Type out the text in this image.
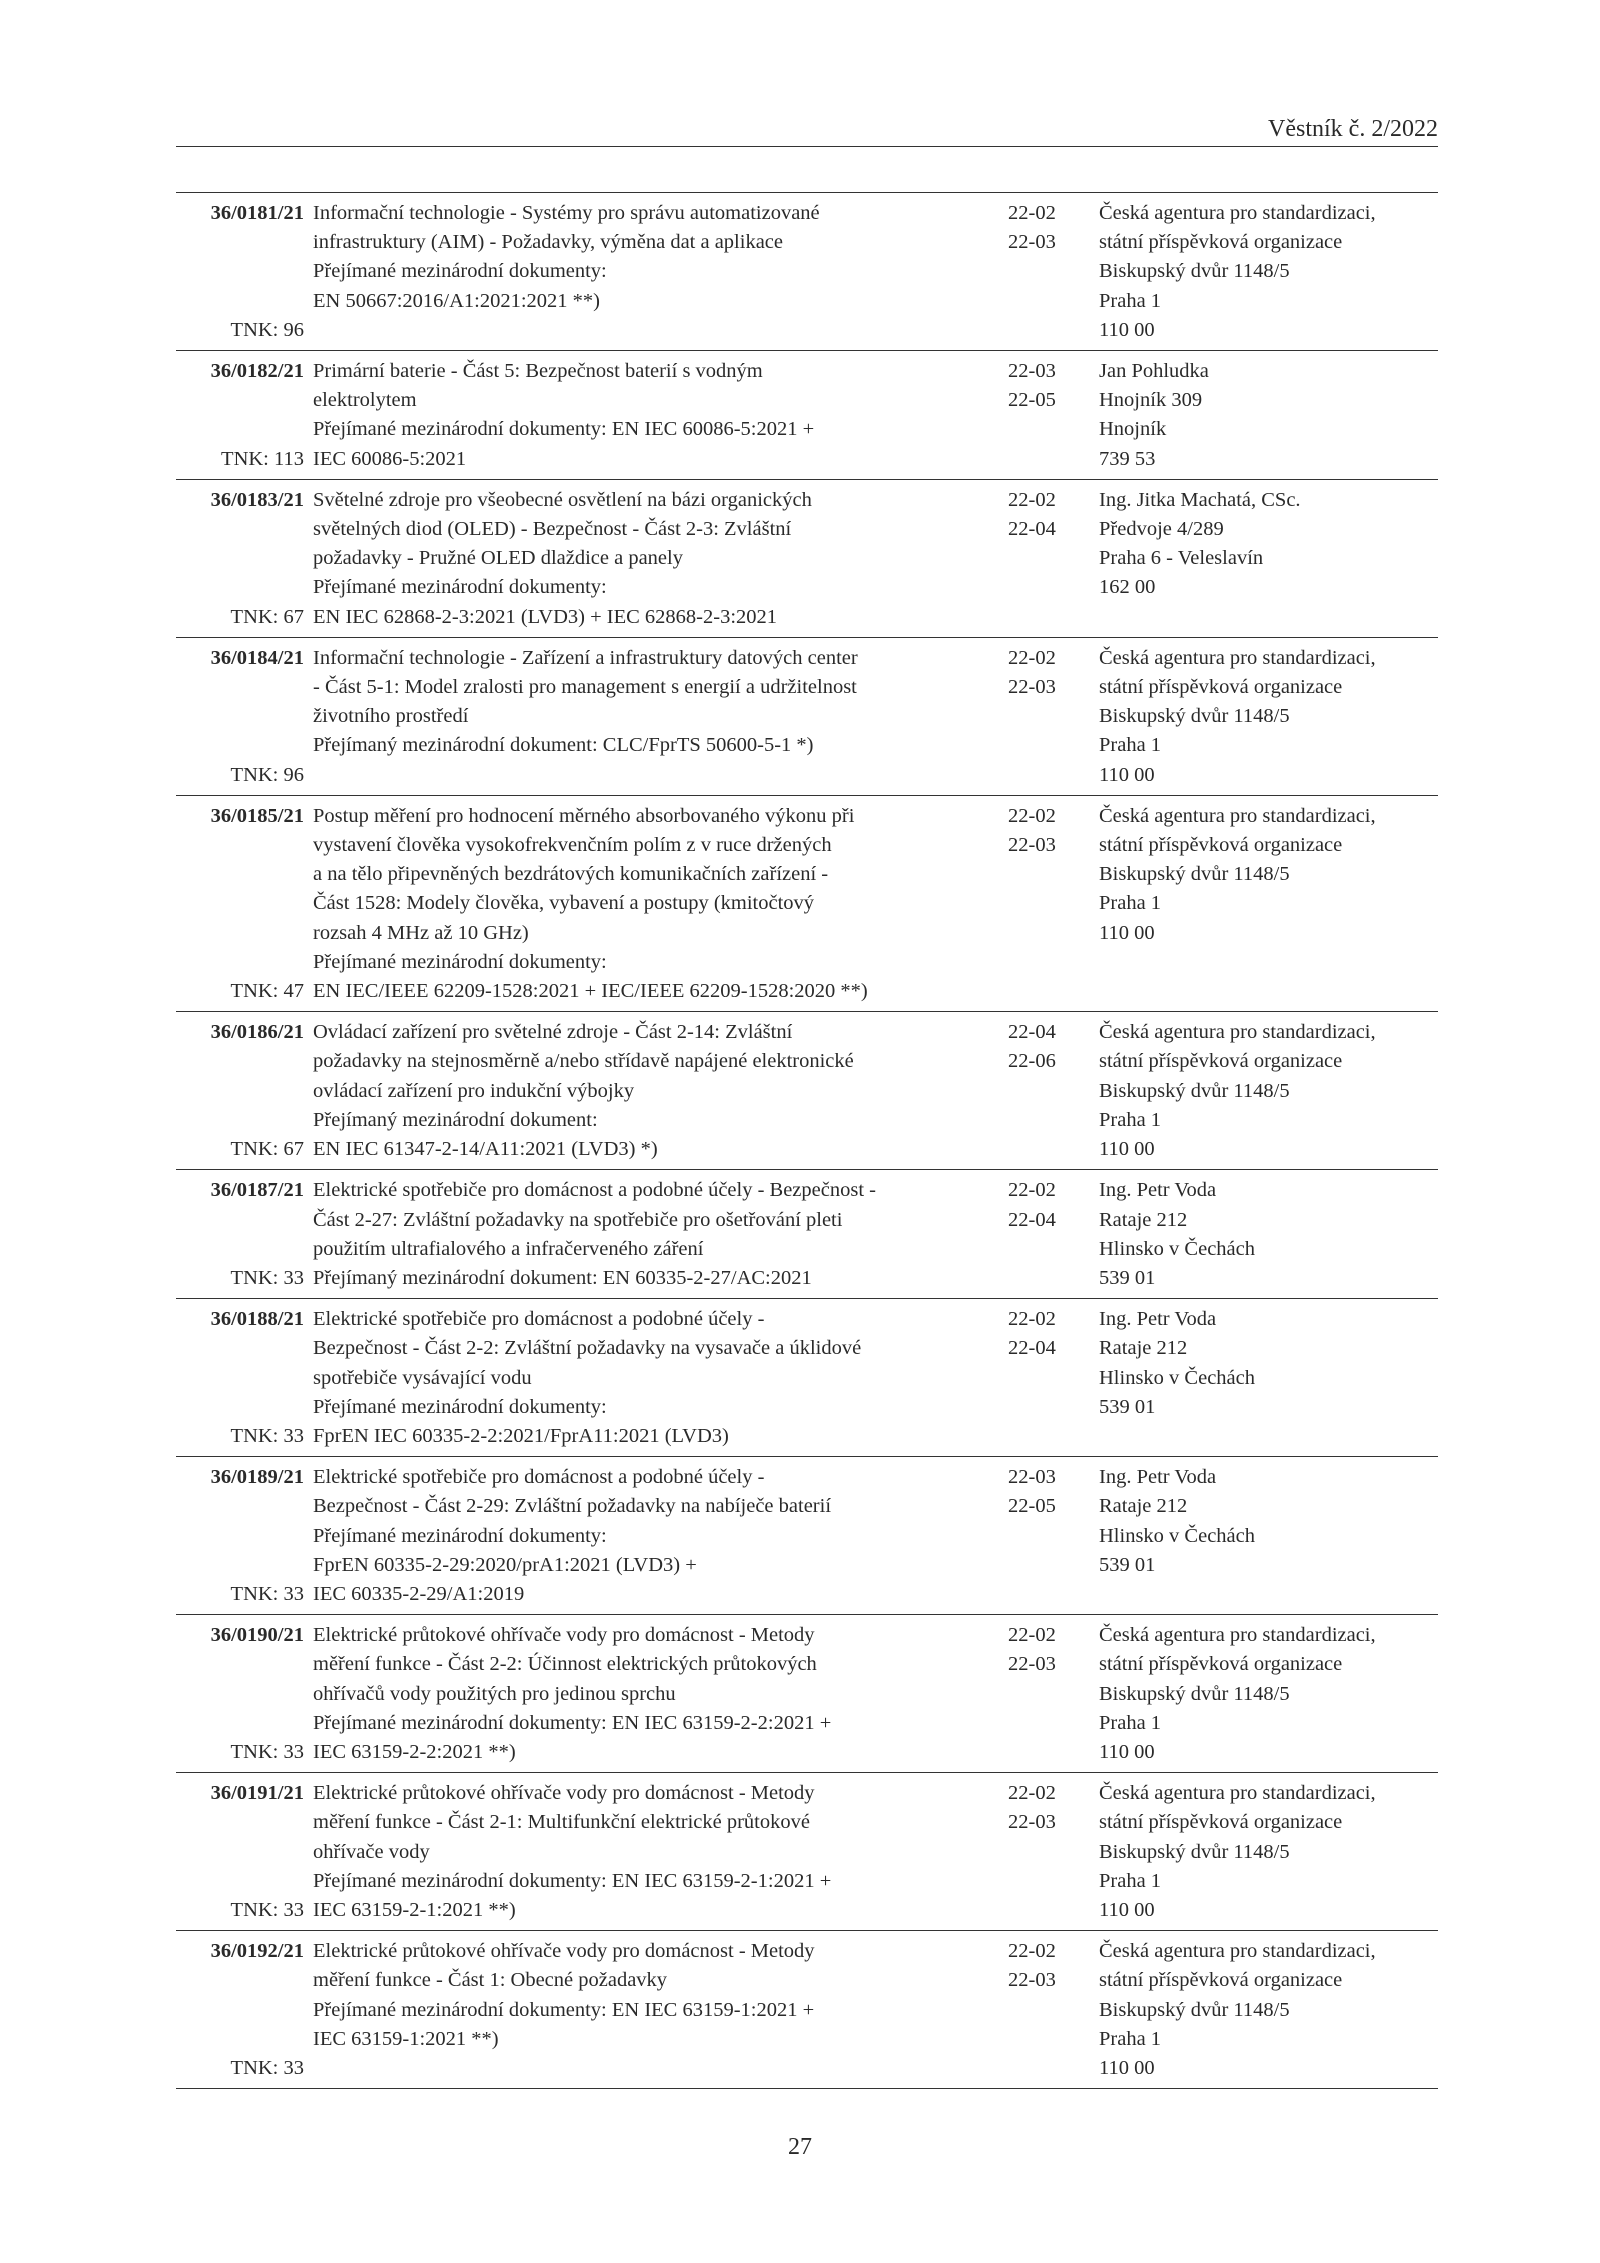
Věstník č. 2/2022
36/0181/21
TNK: 96
Informační technologie - Systémy pro správu automatizované
infrastruktury (AIM) - Požadavky, výměna dat a aplikace
Přejímané mezinárodní dokumenty:
EN 50667:2016/A1:2021:2021 **)
22-02
22-03
Česká agentura pro standardizaci,
státní příspěvková organizace
Biskupský dvůr 1148/5
Praha 1
110 00
36/0182/21
TNK: 113
Primární baterie - Část 5: Bezpečnost baterií s vodným
elektrolytem
Přejímané mezinárodní dokumenty: EN IEC 60086-5:2021 +
IEC 60086-5:2021
22-03
22-05
Jan Pohludka
Hnojník 309
Hnojník
739 53
36/0183/21
TNK: 67
Světelné zdroje pro všeobecné osvětlení na bázi organických
světelných diod (OLED) - Bezpečnost - Část 2-3: Zvláštní
požadavky - Pružné OLED dlaždice a panely
Přejímané mezinárodní dokumenty:
EN IEC 62868-2-3:2021 (LVD3) + IEC 62868-2-3:2021
22-02
22-04
Ing. Jitka Machatá, CSc.
Předvoje 4/289
Praha 6 - Veleslavín
162 00
36/0184/21
TNK: 96
Informační technologie - Zařízení a infrastruktury datových center
- Část 5-1: Model zralosti pro management s energií a udržitelnost
životního prostředí
Přejímaný mezinárodní dokument: CLC/FprTS 50600-5-1 *)
22-02
22-03
Česká agentura pro standardizaci,
státní příspěvková organizace
Biskupský dvůr 1148/5
Praha 1
110 00
36/0185/21
TNK: 47
Postup měření pro hodnocení měrného absorbovaného výkonu při
vystavení člověka vysokofrekvenčním polím z v ruce držených
a na tělo připevněných bezdrátových komunikačních zařízení -
Část 1528: Modely člověka, vybavení a postupy (kmitočtový
rozsah 4 MHz až 10 GHz)
Přejímané mezinárodní dokumenty:
EN IEC/IEEE 62209-1528:2021 + IEC/IEEE 62209-1528:2020 **)
22-02
22-03
Česká agentura pro standardizaci,
státní příspěvková organizace
Biskupský dvůr 1148/5
Praha 1
110 00
36/0186/21
TNK: 67
Ovládací zařízení pro světelné zdroje - Část 2-14: Zvláštní
požadavky na stejnosměrně a/nebo střídavě napájené elektronické
ovládací zařízení pro indukční výbojky
Přejímaný mezinárodní dokument:
EN IEC 61347-2-14/A11:2021 (LVD3) *)
22-04
22-06
Česká agentura pro standardizaci,
státní příspěvková organizace
Biskupský dvůr 1148/5
Praha 1
110 00
36/0187/21
TNK: 33
Elektrické spotřebiče pro domácnost a podobné účely - Bezpečnost -
Část 2-27: Zvláštní požadavky na spotřebiče pro ošetřování pleti
použitím ultrafialového a infračerveného záření
Přejímaný mezinárodní dokument: EN 60335-2-27/AC:2021
22-02
22-04
Ing. Petr Voda
Rataje 212
Hlinsko v Čechách
539 01
36/0188/21
TNK: 33
Elektrické spotřebiče pro domácnost a podobné účely -
Bezpečnost - Část 2-2: Zvláštní požadavky na vysavače a úklidové
spotřebiče vysávající vodu
Přejímané mezinárodní dokumenty:
FprEN IEC 60335-2-2:2021/FprA11:2021 (LVD3)
22-02
22-04
Ing. Petr Voda
Rataje 212
Hlinsko v Čechách
539 01
36/0189/21
TNK: 33
Elektrické spotřebiče pro domácnost a podobné účely -
Bezpečnost - Část 2-29: Zvláštní požadavky na nabíječe baterií
Přejímané mezinárodní dokumenty:
FprEN 60335-2-29:2020/prA1:2021 (LVD3) +
IEC 60335-2-29/A1:2019
22-03
22-05
Ing. Petr Voda
Rataje 212
Hlinsko v Čechách
539 01
36/0190/21
TNK: 33
Elektrické průtokové ohřívače vody pro domácnost - Metody
měření funkce - Část 2-2: Účinnost elektrických průtokových
ohřívačů vody použitých pro jedinou sprchu
Přejímané mezinárodní dokumenty: EN IEC 63159-2-2:2021 +
IEC 63159-2-2:2021 **)
22-02
22-03
Česká agentura pro standardizaci,
státní příspěvková organizace
Biskupský dvůr 1148/5
Praha 1
110 00
36/0191/21
TNK: 33
Elektrické průtokové ohřívače vody pro domácnost - Metody
měření funkce - Část 2-1: Multifunkční elektrické průtokové
ohřívače vody
Přejímané mezinárodní dokumenty: EN IEC 63159-2-1:2021 +
IEC 63159-2-1:2021 **)
22-02
22-03
Česká agentura pro standardizaci,
státní příspěvková organizace
Biskupský dvůr 1148/5
Praha 1
110 00
36/0192/21
TNK: 33
Elektrické průtokové ohřívače vody pro domácnost - Metody
měření funkce - Část 1: Obecné požadavky
Přejímané mezinárodní dokumenty: EN IEC 63159-1:2021 +
IEC 63159-1:2021 **)
22-02
22-03
Česká agentura pro standardizaci,
státní příspěvková organizace
Biskupský dvůr 1148/5
Praha 1
110 00
27
